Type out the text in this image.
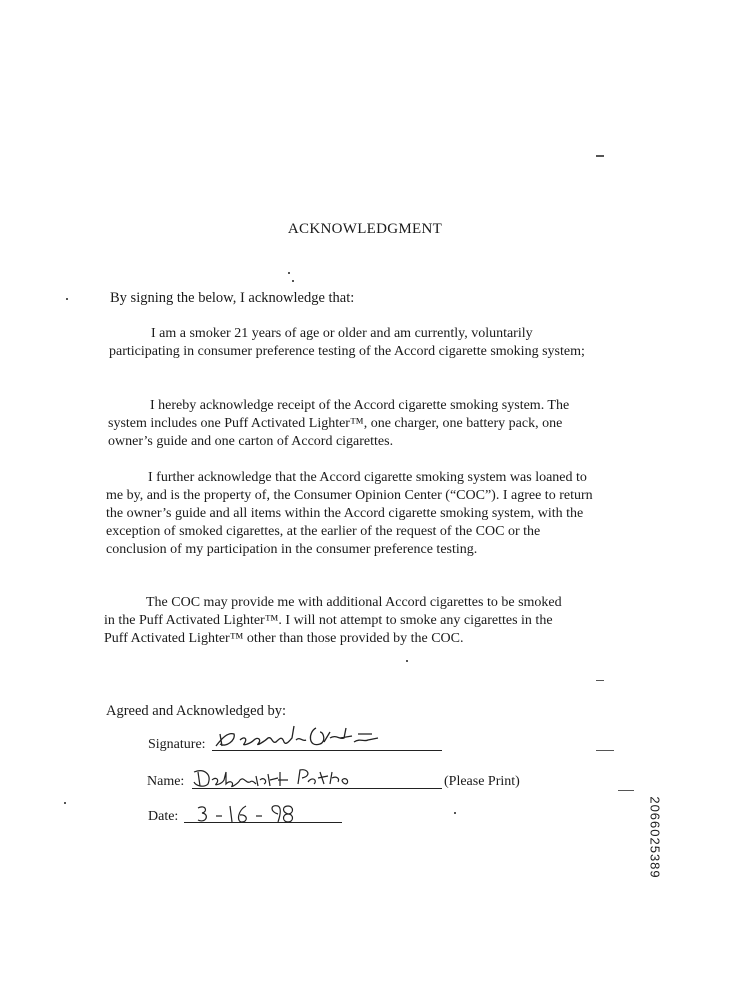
ACKNOWLEDGMENT
By signing the below, I acknowledge that:

I am a smoker 21 years of age or older and am currently, voluntarily participating in consumer preference testing of the Accord cigarette smoking system;

I hereby acknowledge receipt of the Accord cigarette smoking system. The system includes one Puff Activated Lighter™, one charger, one battery pack, one owner’s guide and one carton of Accord cigarettes.

I further acknowledge that the Accord cigarette smoking system was loaned to me by, and is the property of, the Consumer Opinion Center (“COC”). I agree to return the owner’s guide and all items within the Accord cigarette smoking system, with the exception of smoked cigarettes, at the earlier of the request of the COC or the conclusion of my participation in the consumer preference testing.

The COC may provide me with additional Accord cigarettes to be smoked in the Puff Activated Lighter™. I will not attempt to smoke any cigarettes in the Puff Activated Lighter™ other than those provided by the COC.

Agreed and Acknowledged by:
Signature:
Name:	(Please Print)
Date:	2066025389
